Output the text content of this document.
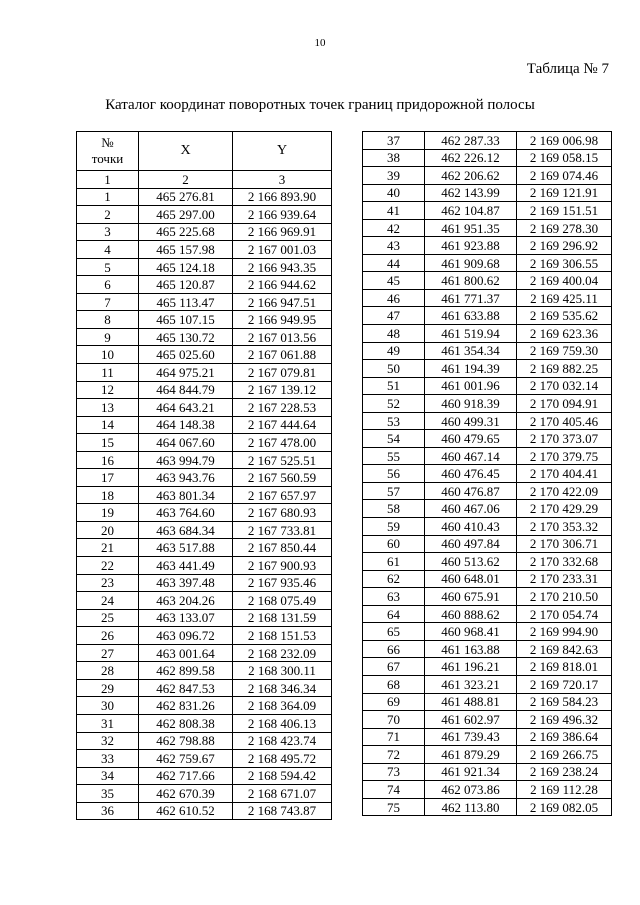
10
Таблица № 7
Каталог координат поворотных точек границ придорожной полосы
№
точки	X	Y
1	2	3
1	465 276.81	2 166 893.90
2	465 297.00	2 166 939.64
3	465 225.68	2 166 969.91
4	465 157.98	2 167 001.03
5	465 124.18	2 166 943.35
6	465 120.87	2 166 944.62
7	465 113.47	2 166 947.51
8	465 107.15	2 166 949.95
9	465 130.72	2 167 013.56
10	465 025.60	2 167 061.88
11	464 975.21	2 167 079.81
12	464 844.79	2 167 139.12
13	464 643.21	2 167 228.53
14	464 148.38	2 167 444.64
15	464 067.60	2 167 478.00
16	463 994.79	2 167 525.51
17	463 943.76	2 167 560.59
18	463 801.34	2 167 657.97
19	463 764.60	2 167 680.93
20	463 684.34	2 167 733.81
21	463 517.88	2 167 850.44
22	463 441.49	2 167 900.93
23	463 397.48	2 167 935.46
24	463 204.26	2 168 075.49
25	463 133.07	2 168 131.59
26	463 096.72	2 168 151.53
27	463 001.64	2 168 232.09
28	462 899.58	2 168 300.11
29	462 847.53	2 168 346.34
30	462 831.26	2 168 364.09
31	462 808.38	2 168 406.13
32	462 798.88	2 168 423.74
33	462 759.67	2 168 495.72
34	462 717.66	2 168 594.42
35	462 670.39	2 168 671.07
36	462 610.52	2 168 743.87
37	462 287.33	2 169 006.98
38	462 226.12	2 169 058.15
39	462 206.62	2 169 074.46
40	462 143.99	2 169 121.91
41	462 104.87	2 169 151.51
42	461 951.35	2 169 278.30
43	461 923.88	2 169 296.92
44	461 909.68	2 169 306.55
45	461 800.62	2 169 400.04
46	461 771.37	2 169 425.11
47	461 633.88	2 169 535.62
48	461 519.94	2 169 623.36
49	461 354.34	2 169 759.30
50	461 194.39	2 169 882.25
51	461 001.96	2 170 032.14
52	460 918.39	2 170 094.91
53	460 499.31	2 170 405.46
54	460 479.65	2 170 373.07
55	460 467.14	2 170 379.75
56	460 476.45	2 170 404.41
57	460 476.87	2 170 422.09
58	460 467.06	2 170 429.29
59	460 410.43	2 170 353.32
60	460 497.84	2 170 306.71
61	460 513.62	2 170 332.68
62	460 648.01	2 170 233.31
63	460 675.91	2 170 210.50
64	460 888.62	2 170 054.74
65	460 968.41	2 169 994.90
66	461 163.88	2 169 842.63
67	461 196.21	2 169 818.01
68	461 323.21	2 169 720.17
69	461 488.81	2 169 584.23
70	461 602.97	2 169 496.32
71	461 739.43	2 169 386.64
72	461 879.29	2 169 266.75
73	461 921.34	2 169 238.24
74	462 073.86	2 169 112.28
75	462 113.80	2 169 082.05
